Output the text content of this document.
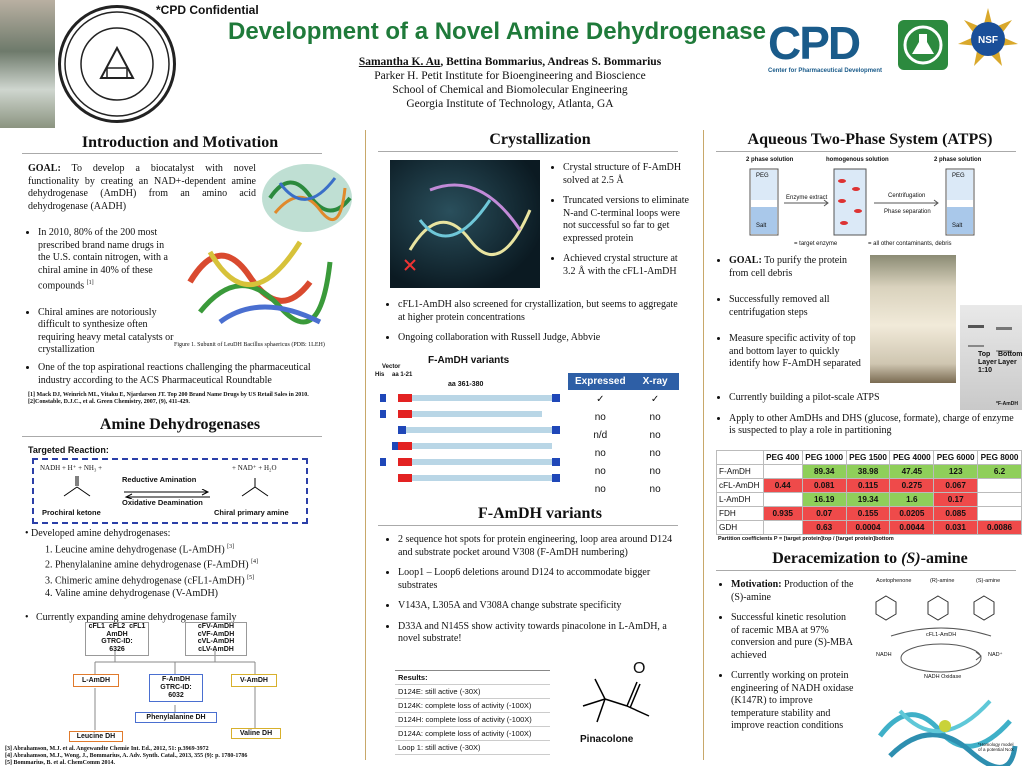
*CPD Confidential
Development of a Novel Amine Dehydrogenase
Samantha K. Au, Bettina Bommarius, Andreas S. Bommarius
Parker H. Petit Institute for Bioengineering and Bioscience
School of Chemical and Biomolecular Engineering
Georgia Institute of Technology, Atlanta, GA
CPD
Center for Pharmaceutical Development
NSF
Introduction and Motivation
GOAL: To develop a biocatalyst with novel functionality by creating an NAD+-dependent amine dehydrogenase (AmDH) from an amino acid dehydrogenase (AADH)
• In 2010, 80% of the 200 most prescribed brand name drugs in the U.S. contain nitrogen, with a chiral amine in 40% of these compounds [1]
• Chiral amines are notoriously difficult to synthesize often requiring heavy metal catalysts or crystallization	Figure 1. Subunit of LeuDH Bacillus sphaericus (PDB: 1LEH)
• One of the top aspirational reactions challenging the pharmaceutical industry according to the ACS Pharmaceutical Roundtable
[1] Mack DJ, Weinrich ML, Vitaku E, Njardarson JT. Top 200 Brand Name Drugs by US Retail Sales in 2010.
[2]Constable, D.J.C., et al. Green Chemistry, 2007, (9), 411-429.
Amine Dehydrogenases
Targeted Reaction:
NADH + H⁺ + NH₃ +	+ NAD⁺ + H₂O
Reductive Amination
Oxidative Deamination
Prochiral ketone	Chiral primary amine
• Developed amine dehydrogenases:
1. Leucine amine dehydrogenase (L-AmDH) [3]
2. Phenylalanine amine dehydrogenase (F-AmDH) [4]
3. Chimeric amine dehydrogenase (cFL1-AmDH) [5]
4. Valine amine dehydrogenase (V-AmDH)
•   Currently expanding amine dehydrogenase family
cFL1 cFL2 cFL1
AmDH
GTRC-ID:
6326
cFV-AmDH
cVF-AmDH
cVL-AmDH
cLV-AmDH
L-AmDH	F-AmDH
GTRC-ID:
6032
V-AmDH
Leucine DH
Phenylalanine DH
Valine DH
[3] Abrahamson, M.J. et al. Angewandte Chemie Int. Ed., 2012, 51: p.3969-3972
[4] Abrahamson, M.J., Wong, J., Bommarius, A. Adv. Synth. Catal., 2013, 355 (9): p. 1780-1786
[5] Bommarius, B. et al. ChemComm 2014.
Crystallization
• Crystal structure of F-AmDH solved at 2.5 Å
• Truncated versions to eliminate N-and C-terminal loops were not successful so far to get expressed protein
• Achieved crystal structure at 3.2 Å with the cFL1-AmDH
• cFL1-AmDH also screened for crystallization, but seems to aggregate at higher protein concentrations
• Ongoing collaboration with Russell Judge, Abbvie
F-AmDH variants
Vector
His aa 1-21
aa 361-380	Expressed	X-ray
✓	✓
no	no
n/d	no
no	no
no	no
no	no
F-AmDH variants
• 2 sequence hot spots for protein engineering, loop area around D124 and substrate pocket around V308 (F-AmDH numbering)
• Loop1 – Loop6 deletions around D124 to accommodate bigger substrates
• V143A, L305A and V308A change substrate specificity
• D33A and N145S show activity towards pinacolone in L-AmDH, a novel substrate!
Results:
D124E: still active (-30X)
D124K: complete loss of activity (-100X)
D124H: complete loss of activity (-100X)
D124A: complete loss of activity (-100X)
Loop 1: still active (-30X)
O
Pinacolone
Aqueous Two-Phase System (ATPS)
2 phase solution	homogenous solution	2 phase solution
PEG
Salt
PEG
Salt
Enzyme extract	Centrifugation
Phase separation
= target enzyme	= all other contaminants, debris
• GOAL: To purify the protein from cell debris
• Successfully removed all centrifugation steps
• Measure specific activity of top and bottom layer to quickly identify how F-AmDH separated
Top Layer 1:10
Bottom Layer
*F-AmDH
• Currently building a pilot-scale ATPS
• Apply to other AmDHs and DHS (glucose, formate), charge of enzyme is suspected to play a role in partitioning
	PEG 400	PEG 1000	PEG 1500	PEG 4000	PEG 6000	PEG 8000
F-AmDH		89.34	38.98	47.45	123	6.2
cFL-AmDH	0.44	0.081	0.115	0.275	0.067	
L-AmDH		16.19	19.34	1.6	0.17	
FDH	0.935	0.07	0.155	0.0205	0.085	
GDH		0.63	0.0004	0.0044	0.031	0.0086
Partition coefficients P = [target protein]top / [target protein]bottom
Deracemization to (S)-amine
• Motivation: Production of the (S)-amine
• Successful kinetic resolution of racemic MBA at 97% conversion and pure (S)-MBA achieved
• Currently working on protein engineering of NADH oxidase (K147R) to improve temperature stability and improve reaction conditions
Acetophenone	(R)-amine	(S)-amine
cFL1-AmDH
NADH	NAD⁺
NADH Oxidase
*Homology model of a potential NoX
